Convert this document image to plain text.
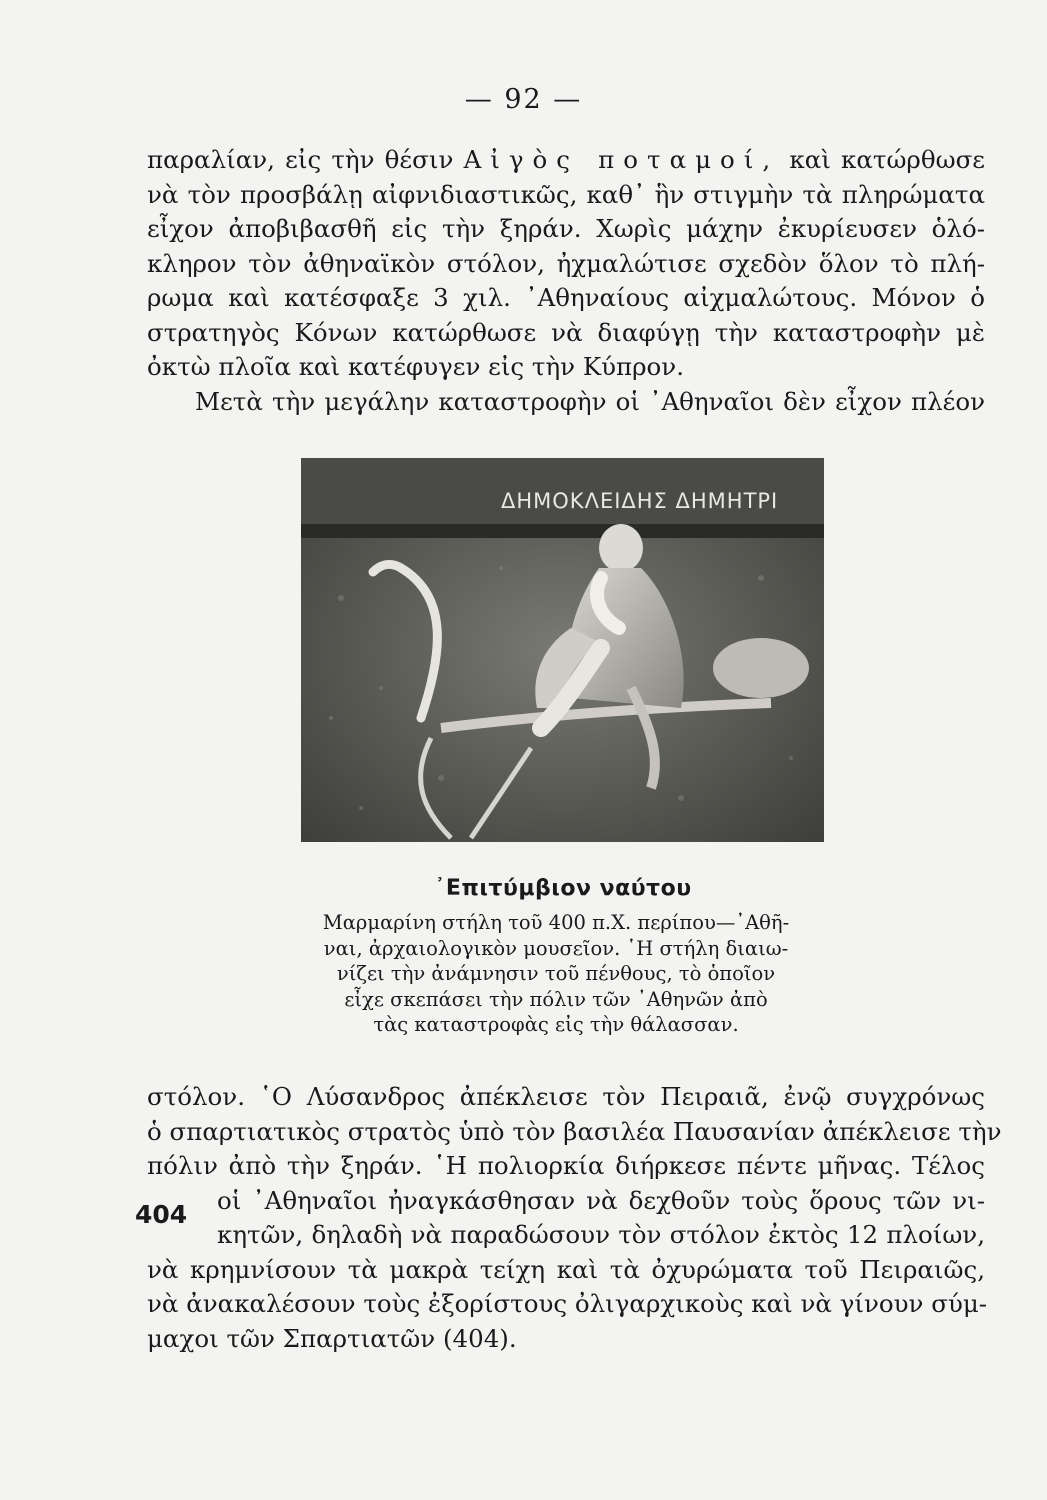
— 92 —
παραλίαν, εἰς τὴν θέσιν Αἰγὸς ποταμοί, καὶ κατώρθωσε
νὰ τὸν προσβάλῃ αἰφνιδιαστικῶς, καθ᾽ ἣν στιγμὴν τὰ πληρώματα
εἶχον ἀποβιβασθῆ εἰς τὴν ξηράν. Χωρὶς μάχην ἐκυρίευσεν ὁλό-
κληρον τὸν ἀθηναϊκὸν στόλον, ἠχμαλώτισε σχεδὸν ὅλον τὸ πλή-
ρωμα καὶ κατέσφαξε 3 χιλ. ᾿Αθηναίους αἰχμαλώτους. Μόνον ὁ
στρατηγὸς Κόνων κατώρθωσε νὰ διαφύγῃ τὴν καταστροφὴν μὲ
ὀκτὼ πλοῖα καὶ κατέφυγεν εἰς τὴν Κύπρον.
Μετὰ τὴν μεγάλην καταστροφὴν οἱ ᾿Αθηναῖοι δὲν εἶχον πλέον
ΔΗΜΟΚΛΕΙΔΗΣ ΔΗΜΗΤΡΙ
᾿Επιτύμβιον ναύτου
Μαρμαρίνη στήλη τοῦ 400 π.Χ. περίπου—᾿Αθῆ-
ναι, ἀρχαιολογικὸν μουσεῖον. ῾Η στήλη διαιω-
νίζει τὴν ἀνάμνησιν τοῦ πένθους, τὸ ὁποῖον
εἶχε σκεπάσει τὴν πόλιν τῶν ᾿Αθηνῶν ἀπὸ
τὰς καταστροφὰς εἰς τὴν θάλασσαν.
στόλον. ῾Ο Λύσανδρος ἀπέκλεισε τὸν Πειραιᾶ, ἐνῷ συγχρόνως
ὁ σπαρτιατικὸς στρατὸς ὑπὸ τὸν βασιλέα Παυσανίαν ἀπέκλεισε τὴν
πόλιν ἀπὸ τὴν ξηράν. ῾Η πολιορκία διήρκεσε πέντε μῆνας. Τέλος
οἱ ᾿Αθηναῖοι ἠναγκάσθησαν νὰ δεχθοῦν τοὺς ὅρους τῶν νι-
κητῶν, δηλαδὴ νὰ παραδώσουν τὸν στόλον ἐκτὸς 12 πλοίων,
νὰ κρημνίσουν τὰ μακρὰ τείχη καὶ τὰ ὀχυρώματα τοῦ Πειραιῶς,
νὰ ἀνακαλέσουν τοὺς ἐξορίστους ὀλιγαρχικοὺς καὶ νὰ γίνουν σύμ-
μαχοι τῶν Σπαρτιατῶν (404).
404
